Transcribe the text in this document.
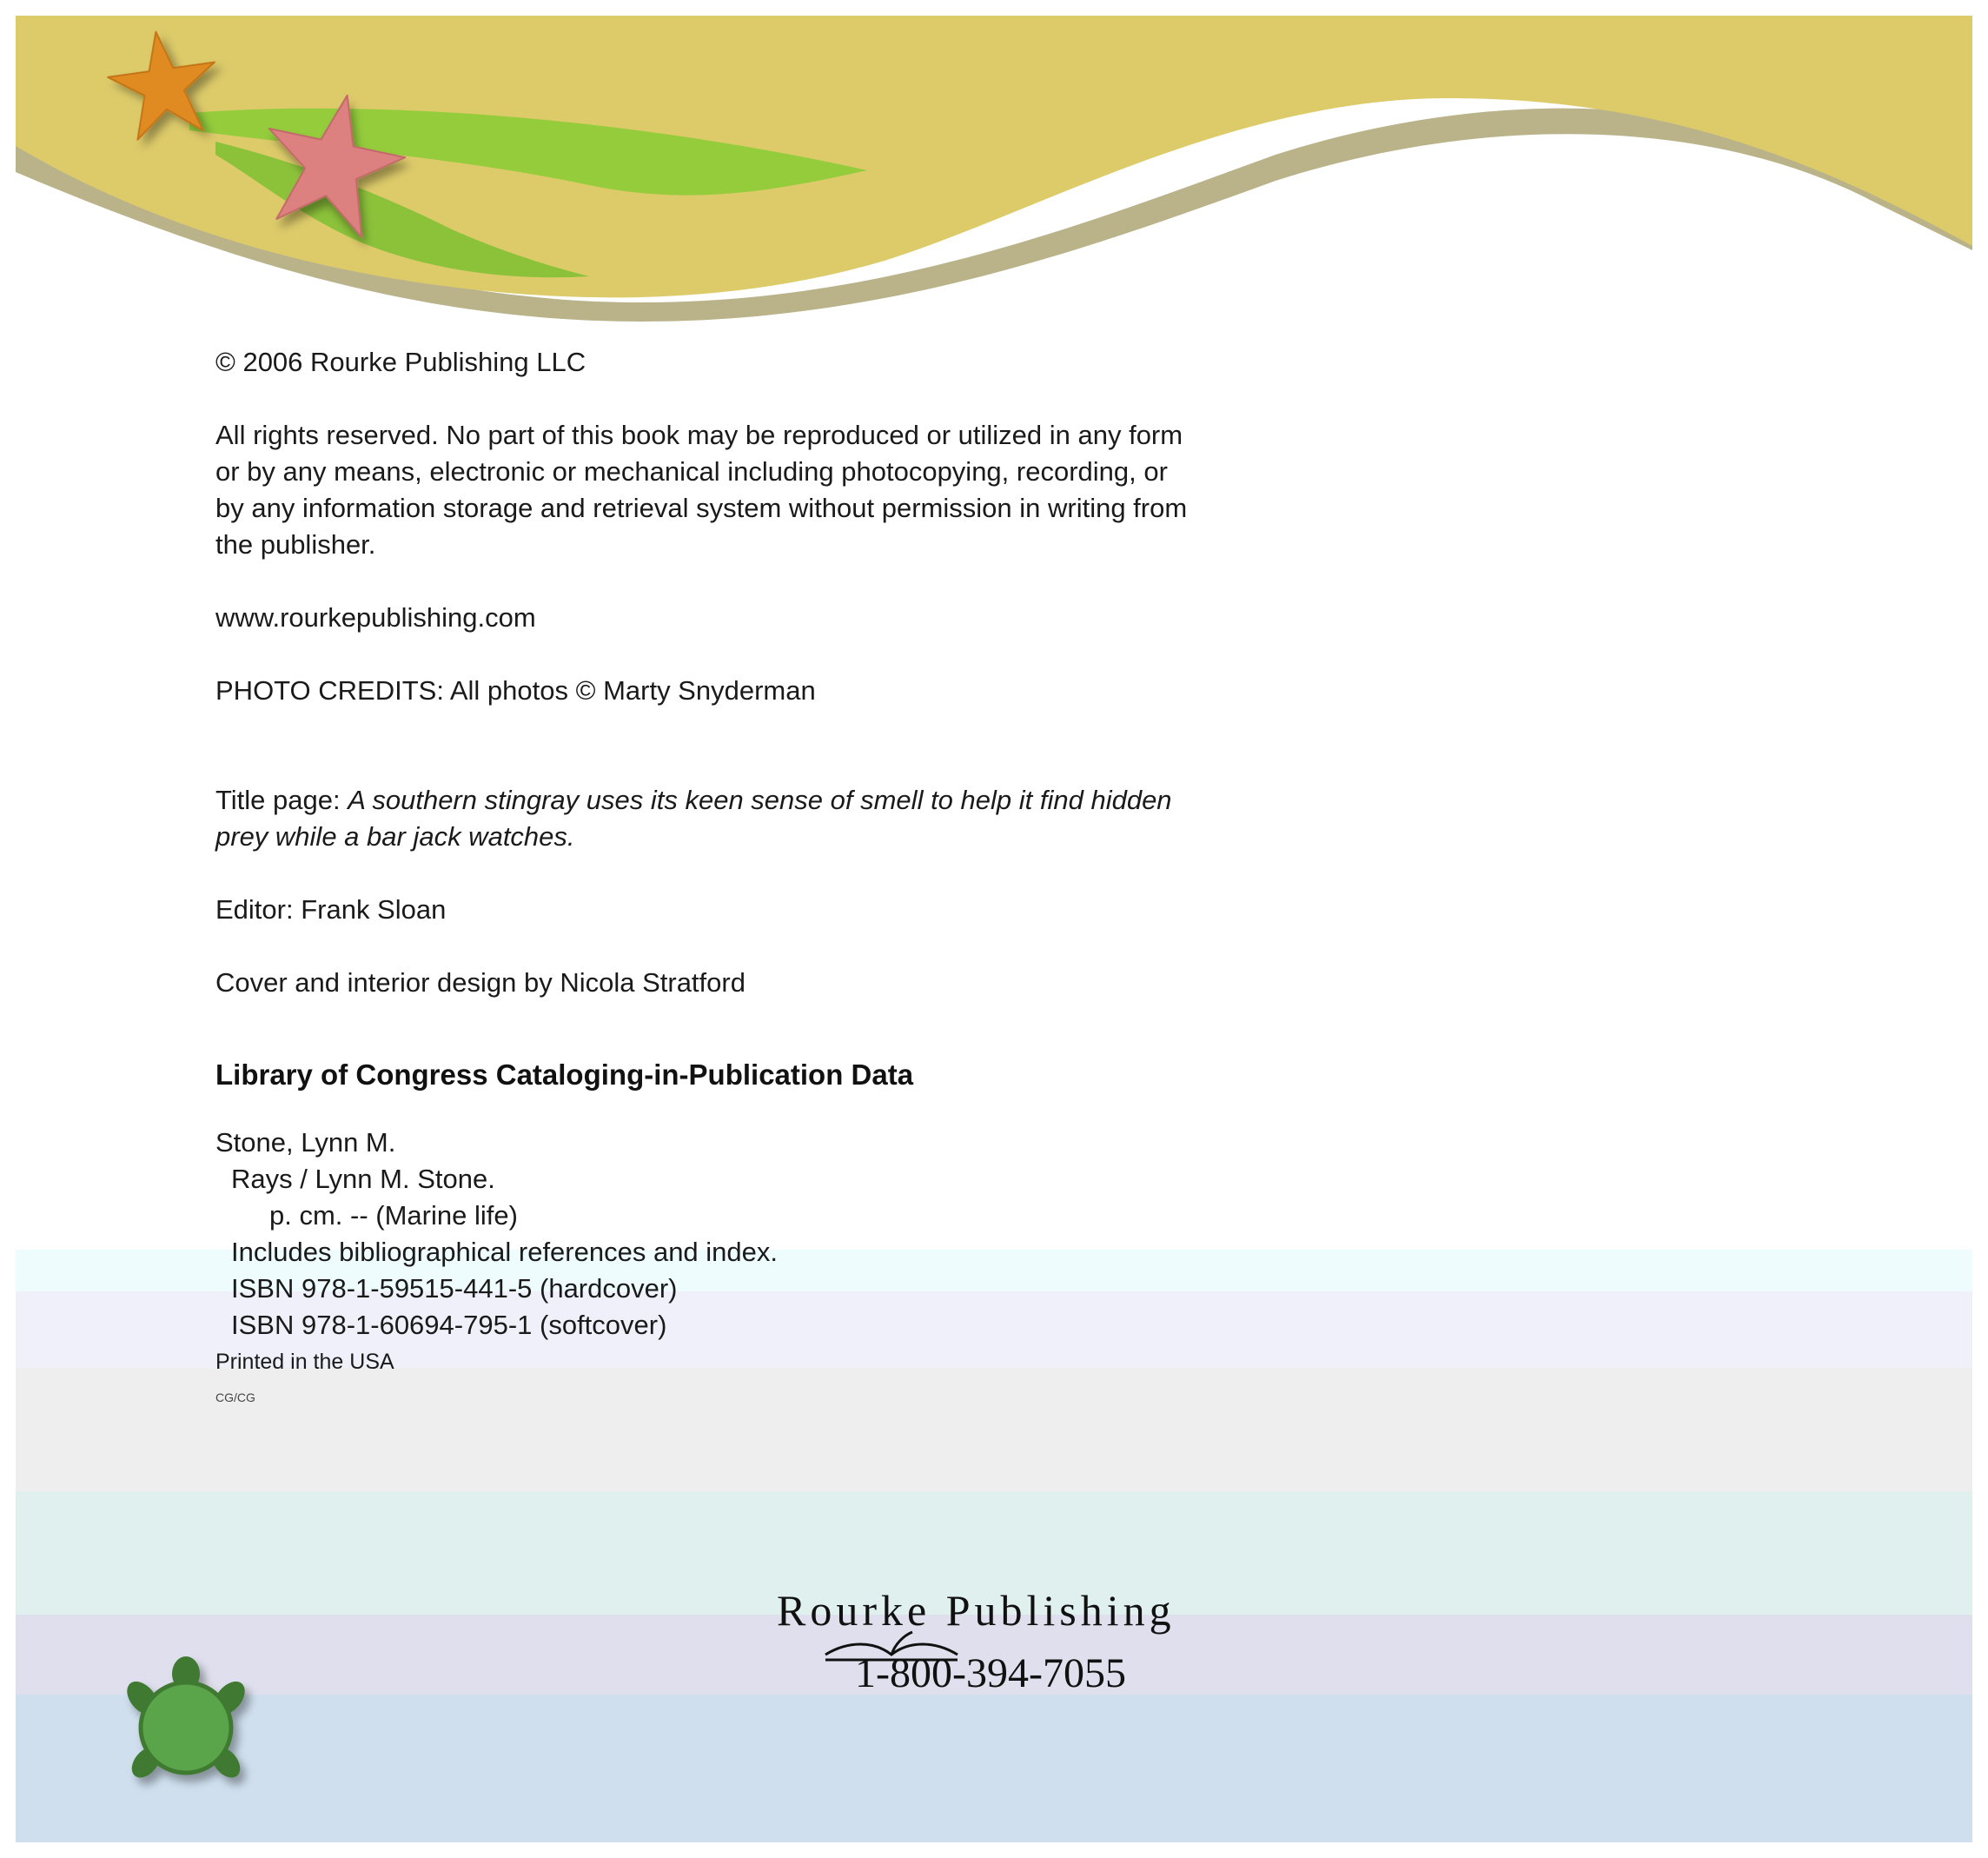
© 2006 Rourke Publishing LLC

All rights reserved. No part of this book may be reproduced or utilized in any form

or by any means, electronic or mechanical including photocopying, recording, or

by any information storage and retrieval system without permission in writing from

the publisher.

www.rourkepublishing.com

PHOTO CREDITS: All photos © Marty Snyderman

Title page: A southern stingray uses its keen sense of smell to help it find hidden

prey while a bar jack watches.

Editor: Frank Sloan

Cover and interior design by Nicola Stratford

Library of Congress Cataloging-in-Publication Data

Stone, Lynn M.

Rays / Lynn M. Stone.

p. cm. -- (Marine life)

Includes bibliographical references and index.

ISBN 978-1-59515-441-5 (hardcover)

ISBN 978-1-60694-795-1 (softcover)

Printed in the USA

CG/CG

Rourke Publishing
1-800-394-7055
